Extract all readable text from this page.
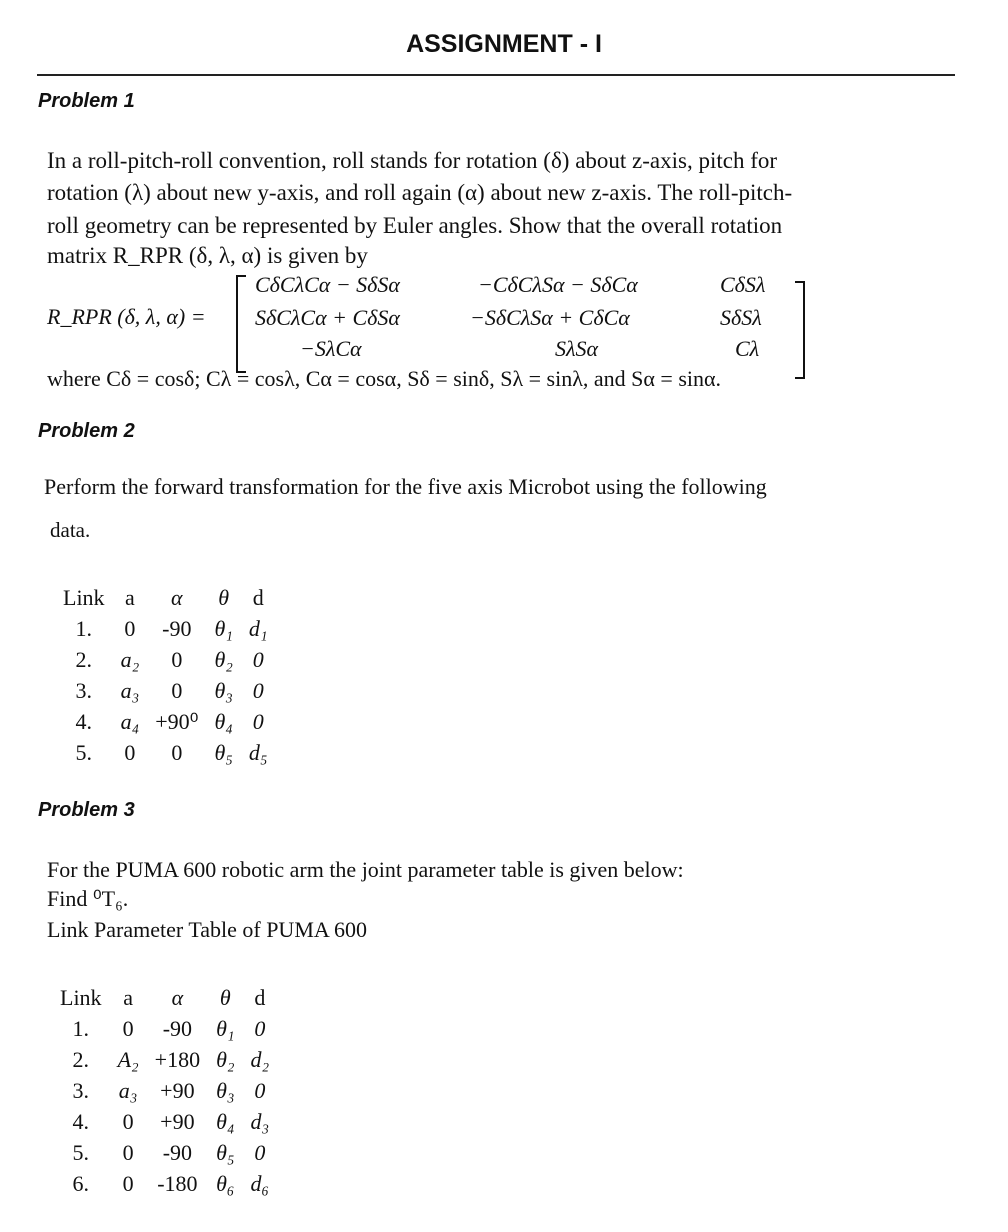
ASSIGNMENT - I
Problem 1
In a roll-pitch-roll convention, roll stands for rotation (δ) about z-axis, pitch for
rotation (λ) about new y-axis, and roll again (α) about new z-axis. The roll-pitch-
roll geometry can be represented by Euler angles. Show that the overall rotation
matrix R_RPR (δ, λ, α) is given by
R_RPR (δ, λ, α) =
CδCλCα − SδSα	−CδCλSα − SδCα	CδSλ
SδCλCα + CδSα	−SδCλSα + CδCα	SδSλ
−SλCα	SλSα	Cλ
where Cδ = cosδ; Cλ = cosλ, Cα = cosα, Sδ = sinδ, Sλ = sinλ, and Sα = sinα.
Problem 2
Perform the forward transformation for the five axis Microbot using the following
data.
Link	a	α	θ	d
1.	0	-90	θ₁	d₁
2.	a₂	0	θ₂	0
3.	a₃	0	θ₃	0
4.	a₄	+90⁰	θ₄	0
5.	0	0	θ₅	d₅
Problem 3
For the PUMA 600 robotic arm the joint parameter table is given below:
Find ⁰T₆.
Link Parameter Table of PUMA 600
Link	a	α	θ	d
1.	0	-90	θ₁	0
2.	A₂	+180	θ₂	d₂
3.	a₃	+90	θ₃	0
4.	0	+90	θ₄	d₃
5.	0	-90	θ₅	0
6.	0	-180	θ₆	d₆
